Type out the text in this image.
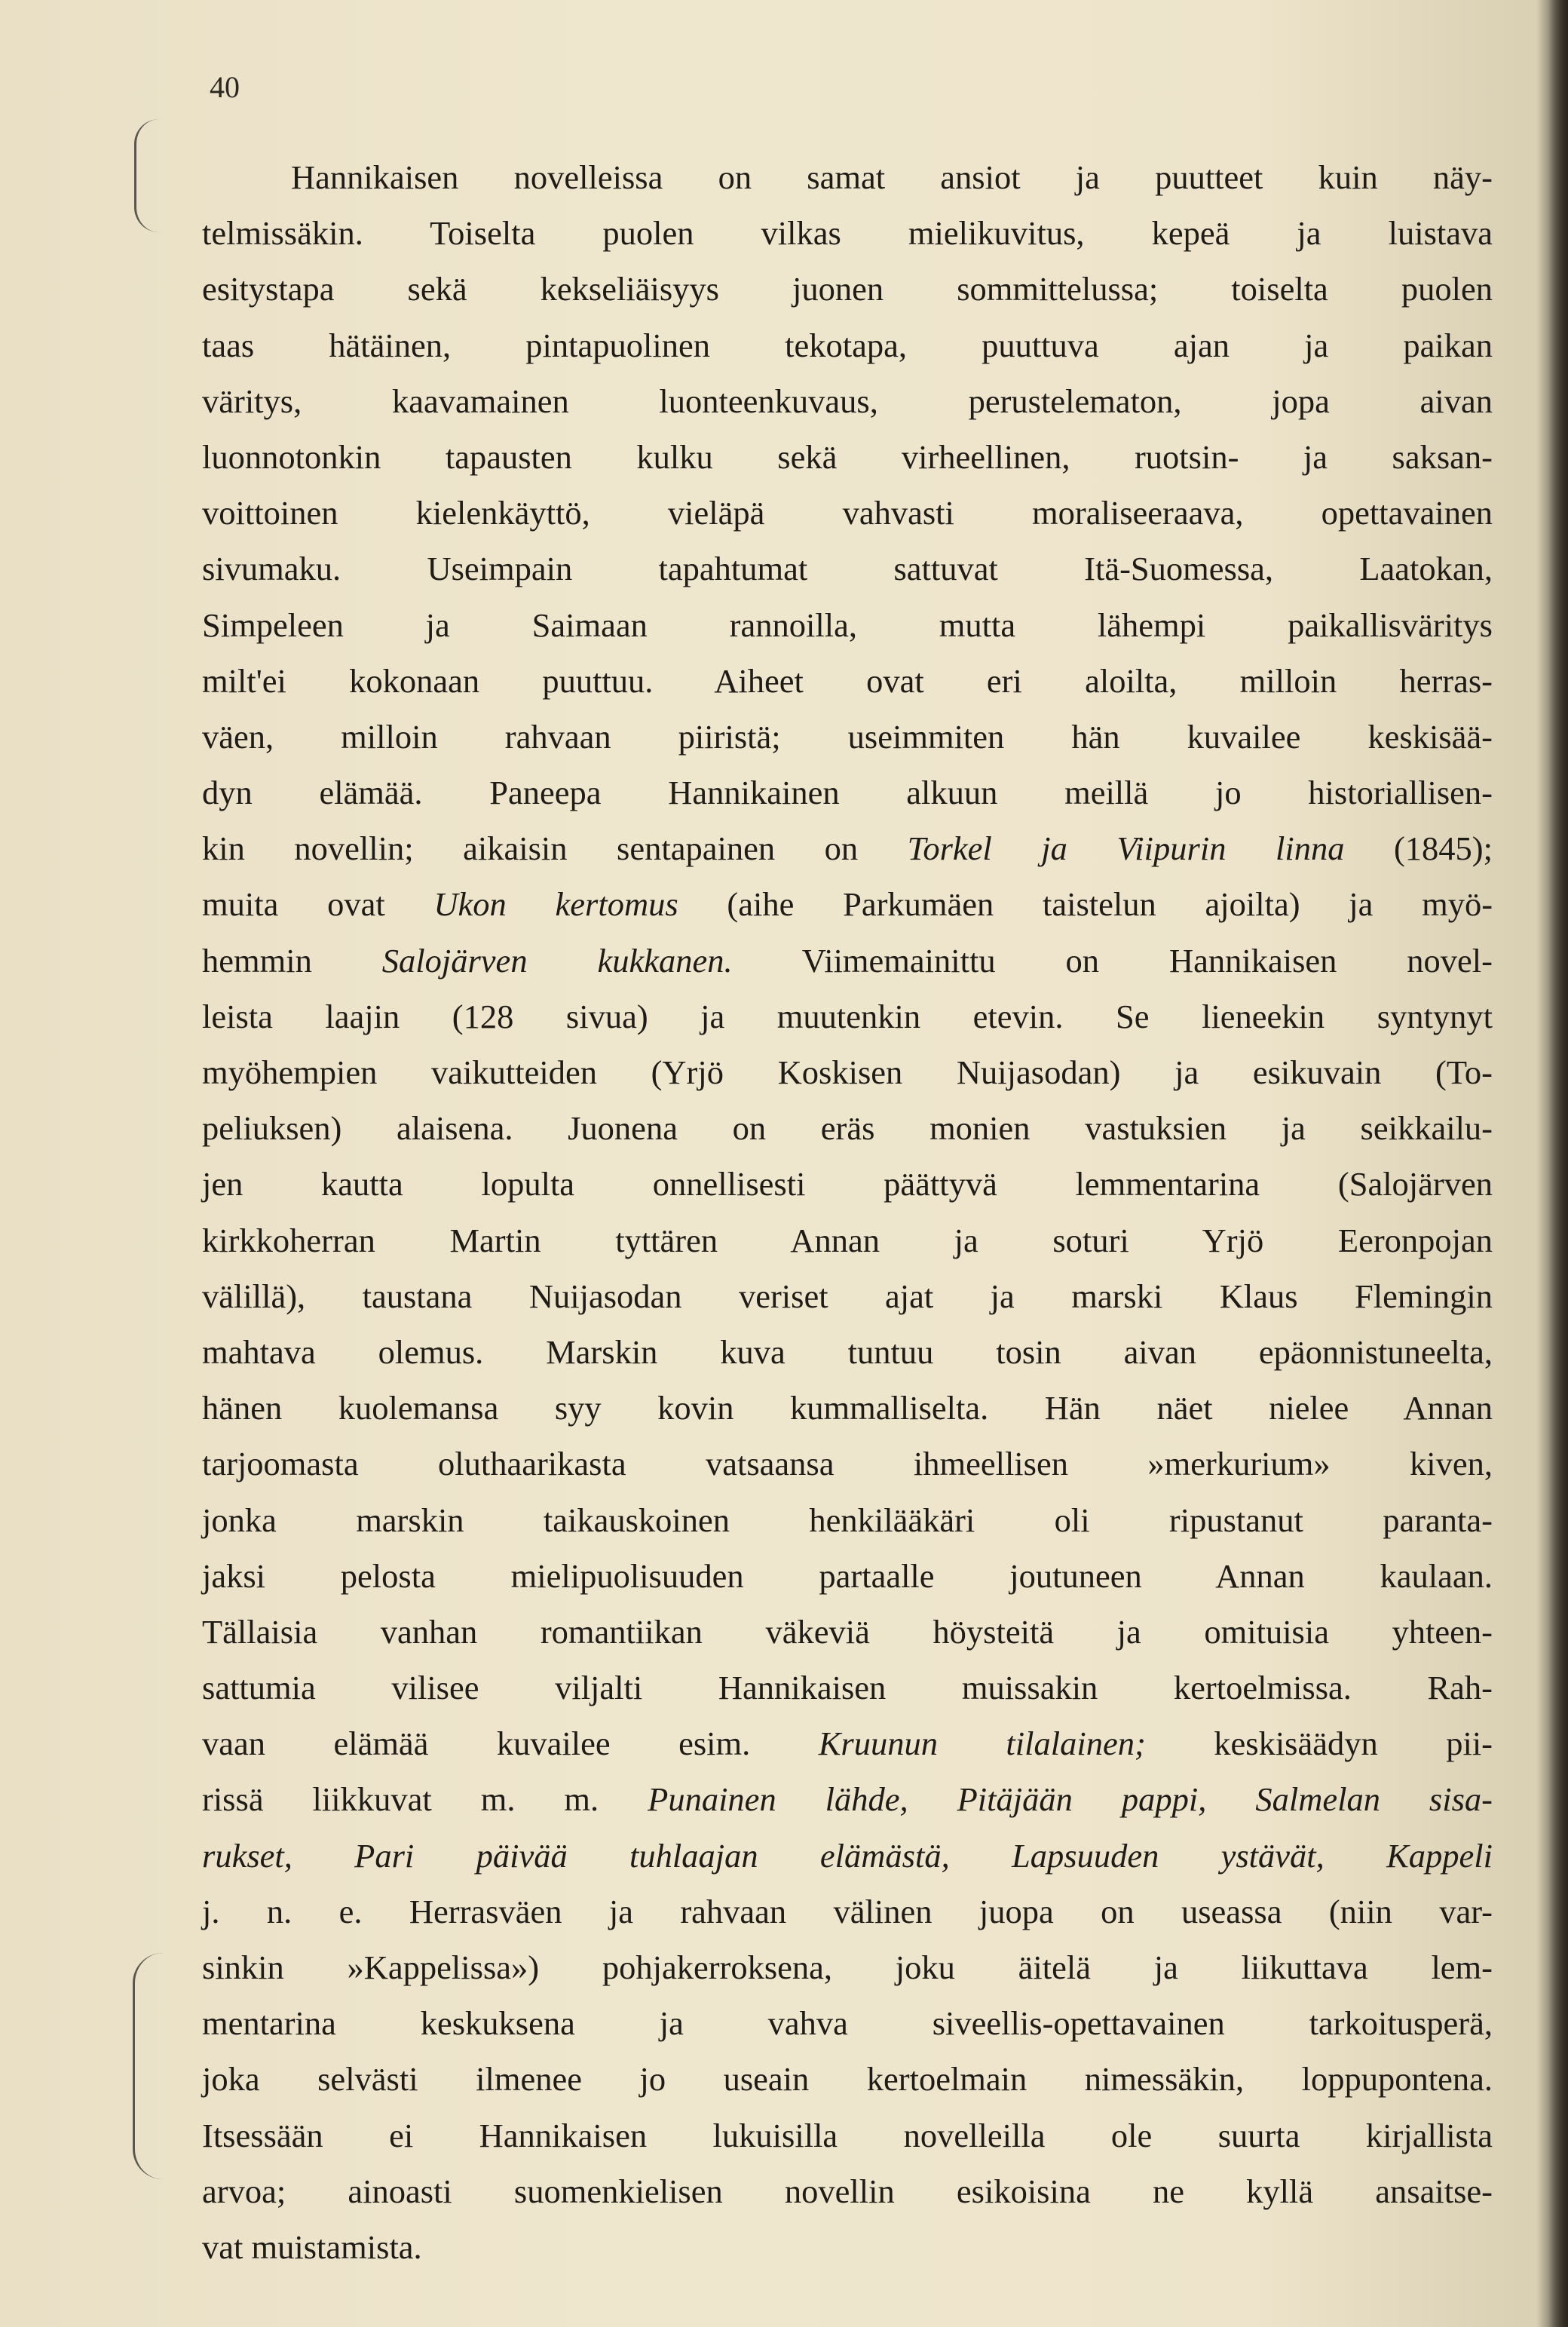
40
Hannikaisen novelleissa on samat ansiot ja puutteet kuin näy-
telmissäkin. Toiselta puolen vilkas mielikuvitus, kepeä ja luistava
esitystapa sekä kekseliäisyys juonen sommittelussa; toiselta puolen
taas hätäinen, pintapuolinen tekotapa, puuttuva ajan ja paikan
väritys, kaavamainen luonteenkuvaus, perustelematon, jopa aivan
luonnotonkin tapausten kulku sekä virheellinen, ruotsin- ja saksan-
voittoinen kielenkäyttö, vieläpä vahvasti moraliseeraava, opettavainen
sivumaku. Useimpain tapahtumat sattuvat Itä-Suomessa, Laatokan,
Simpeleen ja Saimaan rannoilla, mutta lähempi paikallisväritys
milt'ei kokonaan puuttuu. Aiheet ovat eri aloilta, milloin herras-
väen, milloin rahvaan piiristä; useimmiten hän kuvailee keskisää-
dyn elämää. Paneepa Hannikainen alkuun meillä jo historiallisen-
kin novellin; aikaisin sentapainen on Torkel ja Viipurin linna (1845);
muita ovat Ukon kertomus (aihe Parkumäen taistelun ajoilta) ja myö-
hemmin Salojärven kukkanen. Viimemainittu on Hannikaisen novel-
leista laajin (128 sivua) ja muutenkin etevin. Se lieneekin syntynyt
myöhempien vaikutteiden (Yrjö Koskisen Nuijasodan) ja esikuvain (To-
peliuksen) alaisena. Juonena on eräs monien vastuksien ja seikkailu-
jen kautta lopulta onnellisesti päättyvä lemmentarina (Salojärven
kirkkoherran Martin tyttären Annan ja soturi Yrjö Eeronpojan
välillä), taustana Nuijasodan veriset ajat ja marski Klaus Flemingin
mahtava olemus. Marskin kuva tuntuu tosin aivan epäonnistuneelta,
hänen kuolemansa syy kovin kummalliselta. Hän näet nielee Annan
tarjoomasta oluthaarikasta vatsaansa ihmeellisen »merkurium» kiven,
jonka marskin taikauskoinen henkilääkäri oli ripustanut paranta-
jaksi pelosta mielipuolisuuden partaalle joutuneen Annan kaulaan.
Tällaisia vanhan romantiikan väkeviä höysteitä ja omituisia yhteen-
sattumia vilisee viljalti Hannikaisen muissakin kertoelmissa. Rah-
vaan elämää kuvailee esim. Kruunun tilalainen; keskisäädyn pii-
rissä liikkuvat m. m. Punainen lähde, Pitäjään pappi, Salmelan sisa-
rukset, Pari päivää tuhlaajan elämästä, Lapsuuden ystävät, Kappeli
j. n. e. Herrasväen ja rahvaan välinen juopa on useassa (niin var-
sinkin »Kappelissa») pohjakerroksena, joku äitelä ja liikuttava lem-
mentarina keskuksena ja vahva siveellis-opettavainen tarkoitusperä,
joka selvästi ilmenee jo useain kertoelmain nimessäkin, loppupontena.
Itsessään ei Hannikaisen lukuisilla novelleilla ole suurta kirjallista
arvoa; ainoasti suomenkielisen novellin esikoisina ne kyllä ansaitse-
vat muistamista.
